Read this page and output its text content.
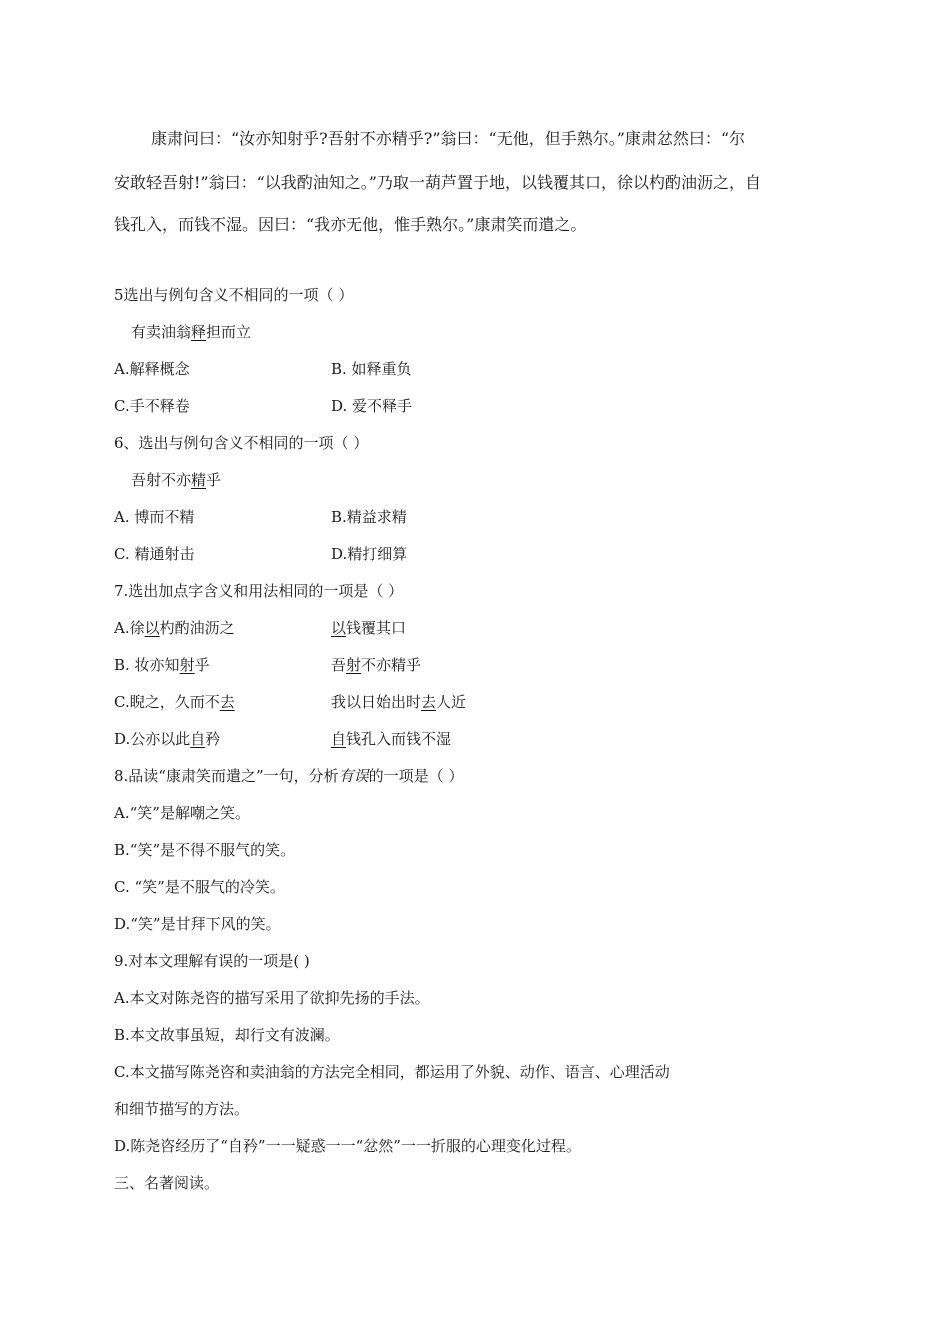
康肃问曰：“汝亦知射乎?吾射不亦精乎?”翁曰：“无他，但手熟尔。”康肃忿然曰：“尔

安敢轻吾射!”翁曰：“以我酌油知之。”乃取一葫芦置于地，以钱覆其口，徐以杓酌油沥之，自

钱孔入，而钱不湿。因曰：“我亦无他，惟手熟尔。”康肃笑而遣之。

5选出与例句含义不相同的一项（ ）
有卖油翁释担而立
A.解释概念	B. 如释重负
C.手不释卷	D. 爱不释手
6、选出与例句含义不相同的一项（ ）
吾射不亦精乎
A. 博而不精	B.精益求精
C. 精通射击	D.精打细算
7.选出加点字含义和用法相同的一项是（ ）
A.徐以杓酌油沥之	以钱覆其口
B. 妆亦知射乎	吾射不亦精乎
C.睨之，久而不去	我以日始出时去人近
D.公亦以此自矜	自钱孔入而钱不湿
8.品读“康肃笑而遣之”一句，分析有误的一项是（ ）
A.“笑”是解嘲之笑。
B.“笑”是不得不服气的笑。
C. “笑”是不服气的冷笑。
D.“笑”是甘拜下风的笑。
9.对本文理解有误的一项是( )
A.本文对陈尧咨的描写采用了欲抑先扬的手法。
B.本文故事虽短，却行文有波澜。
C.本文描写陈尧咨和卖油翁的方法完全相同，都运用了外貌、动作、语言、心理活动
和细节描写的方法。
D.陈尧咨经历了“自矜”一一疑惑一一“忿然”一一折服的心理变化过程。
三、名著阅读。
